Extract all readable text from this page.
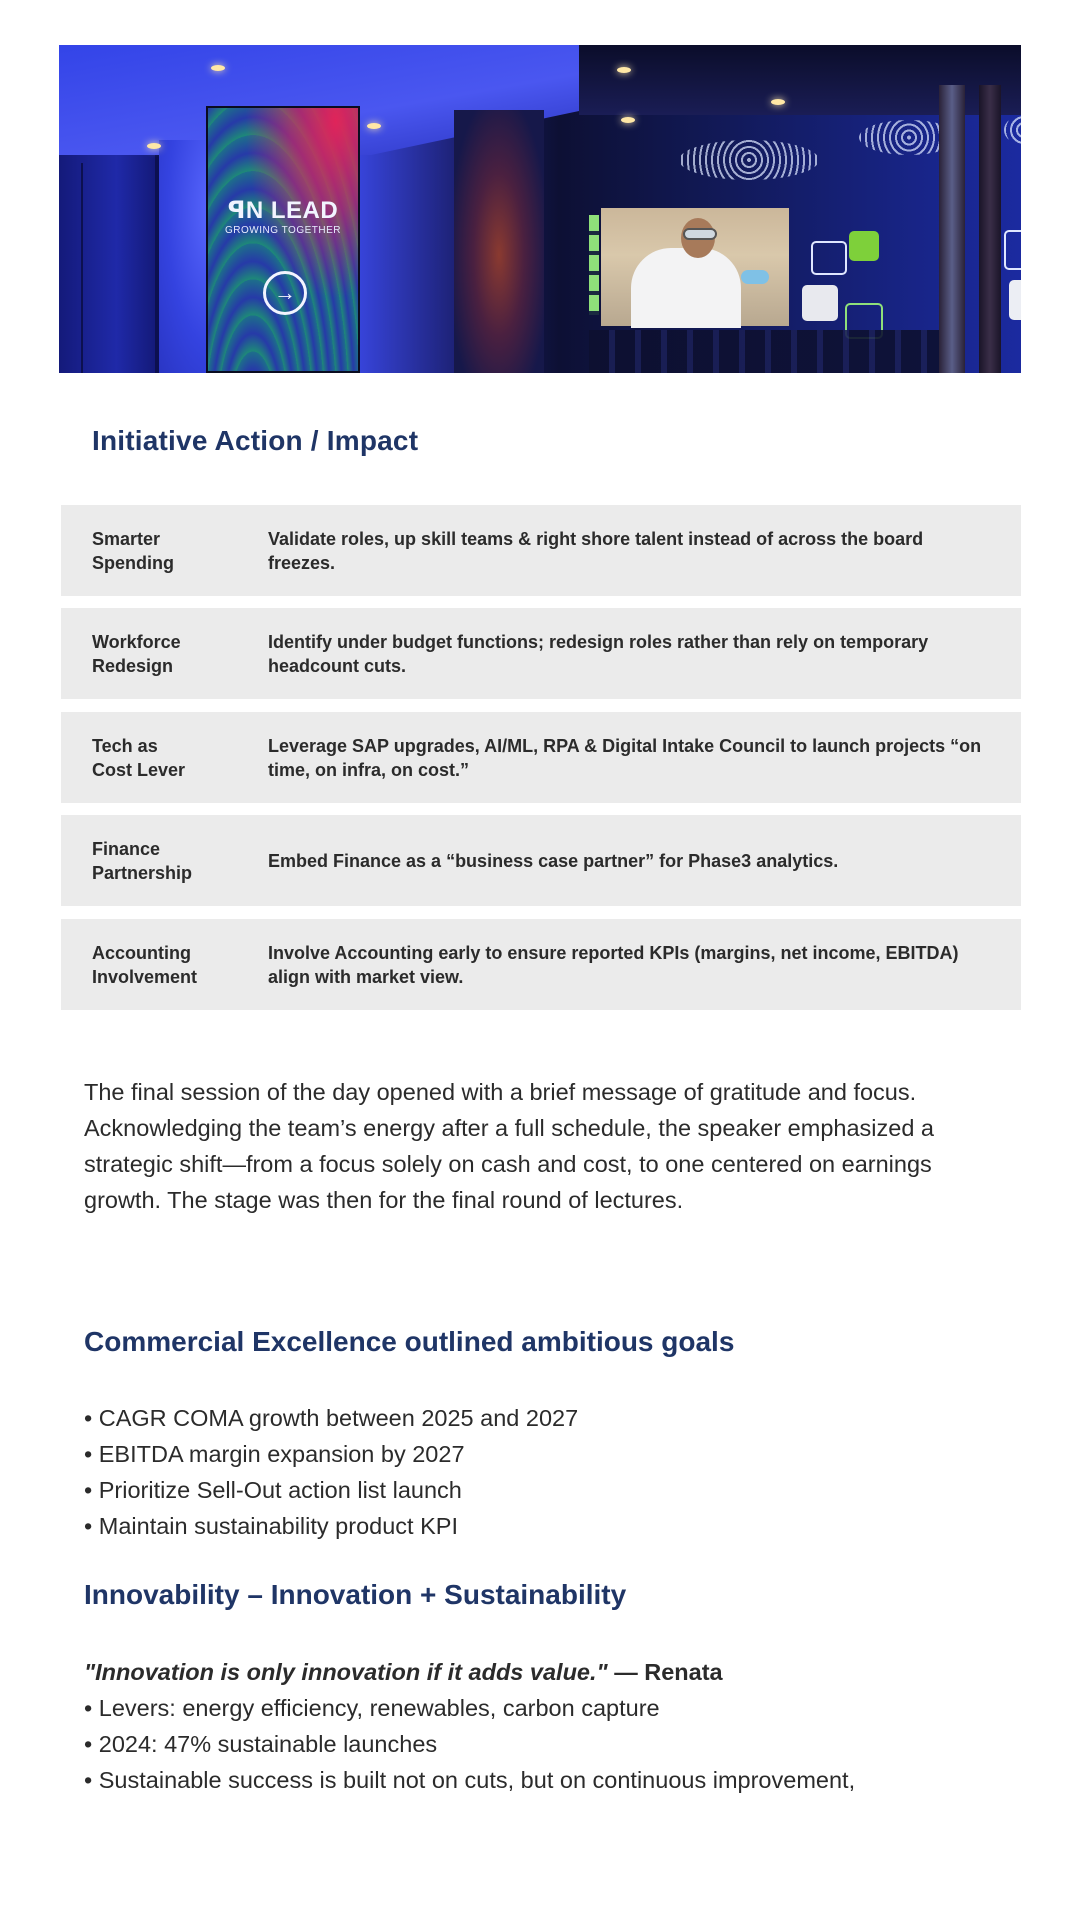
ꟼN LEAD
GROWING TOGETHER
→
Initiative Action / Impact
Smarter
Spending
Validate roles, up skill teams & right shore talent instead of across the board freezes.
Workforce
Redesign
Identify under budget functions; redesign roles rather than rely on temporary headcount cuts.
Tech as
Cost Lever
Leverage SAP upgrades, AI/ML, RPA & Digital Intake Council to launch projects “on time, on infra, on cost.”
Finance
Partnership
Embed Finance as a “business case partner” for Phase3 analytics.
Accounting
Involvement
Involve Accounting early to ensure reported KPIs (margins, net income, EBITDA) align with market view.

The final session of the day opened with a brief message of gratitude and focus. Acknowledging the team’s energy after a full schedule, the speaker emphasized a strategic shift—from a focus solely on cash and cost, to one centered on earnings growth. The stage was then for the final round of lectures.

Commercial Excellence outlined ambitious goals
• CAGR COMA growth between 2025 and 2027
• EBITDA margin expansion by 2027
• Prioritize Sell-Out action list launch
• Maintain sustainability product KPI
Innovability – Innovation + Sustainability
"Innovation is only innovation if it adds value." — Renata
• Levers: energy efficiency, renewables, carbon capture
• 2024: 47% sustainable launches
• Sustainable success is built not on cuts, but on continuous improvement,
